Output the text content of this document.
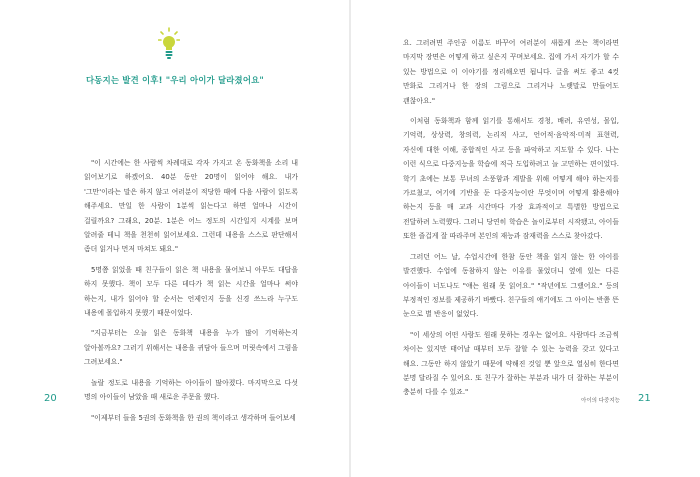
다동지는 발견 이후! "우리 아이가 달라졌어요"

"이 시간에는 한 사람씩 차례대로 각자 가지고 온 동화책을 소리 내 읽어보기로 하겠어요. 40분 동안 20명이 읽어야 해요. 내가 '그만'이라는 말은 하지 않고 여러분이 적당한 때에 다음 사람이 읽도록 해주세요. 만일 한 사람이 1분씩 읽는다고 하면 얼마나 시간이 걸릴까요? 그래요, 20분. 1분은 어느 정도의 시간일지 시계를 보며 알려줄 테니 책을 천천히 읽어보세요. 그런데 내용을 스스로 판단해서 좀더 읽거나 먼저 마쳐도 돼요."

5명쯤 읽었을 때 친구들이 읽은 책 내용을 물어보니 아무도 대답을 하지 못했다. 책이 모두 다른 데다가 책 읽는 시간을 얼마나 써야 하는지, 내가 읽어야 할 순서는 언제인지 등을 신경 쓰느라 누구도 내용에 몰입하지 못했기 때문이었다.

"지금부터는 오늘 읽은 동화책 내용을 누가 많이 기억하는지 알아볼까요? 그러기 위해서는 내용을 귀담아 들으며 머릿속에서 그림을 그려보세요."

놀랄 정도로 내용을 기억하는 아이들이 많아졌다. 마지막으로 다섯 명의 아이들이 남았을 때 새로운 주문을 했다.

"이제부터 들을 5권의 동화책을 한 권의 책이라고 생각하며 들어보세

20

요. 그러려면 주인공 이름도 바꾸어 여러분이 새롭게 쓰는 책이라면 마지막 장면은 어떻게 하고 싶은지 꾸며보세요. 집에 가서 자기가 할 수 있는 방법으로 이 이야기를 정리해오면 됩니다. 글을 써도 좋고 4컷 만화로 그리거나 한 장의 그림으로 그리거나 노랫말로 만들어도 괜찮아요."

이처럼 동화책과 함께 읽기를 통해서도 경청, 배려, 유연성, 몰입, 기억력, 상상력, 창의력, 논리적 사고, 언어적·음악적·미적 표현력, 자신에 대한 이해, 종합적인 사고 등을 파악하고 지도할 수 있다. 나는 이런 식으로 다중지능을 학습에 적극 도입하려고 늘 고민하는 편이었다. 학기 초에는 보통 무녀의 소풍함과 계발을 위해 어떻게 해야 하는지를 가르쳤고, 여기에 기반을 둔 다중지능이란 무엇이며 어떻게 활용해야 하는지 등을 매 교과 시간마다 가장 효과적이고 특별한 방법으로 전달하려 노력했다. 그러니 당연히 학습은 놀이로부터 시작됐고, 아이들 또한 즐겁게 잘 따라주며 본인의 재능과 잠재력을 스스로 찾아갔다.

그러던 어느 날, 수업시간에 한참 동안 책을 읽지 않는 한 아이를 발견했다. 수업에 동참하지 않는 이유를 물었더니 옆에 있는 다른 아이들이 너도나도 "얘는 원래 못 읽어요." "작년에도 그랬어요." 등의 부정적인 정보를 제공하기 바빴다. 친구들의 얘기에도 그 아이는 반쯤 뜬 눈으로 별 반응이 없었다.

"이 세상의 어떤 사람도 원래 못하는 경우는 없어요. 사람마다 조금씩 차이는 있지만 태어날 때부터 모두 잘할 수 있는 능력을 갖고 있다고 해요. 그동안 하지 않았기 때문에 약해진 것일 뿐 앞으로 열심히 한다면 분명 달라질 수 있어요. 또 친구가 잘하는 부분과 내가 더 잘하는 부분이 충분히 다를 수 있죠."

아이의 다중지능 21
